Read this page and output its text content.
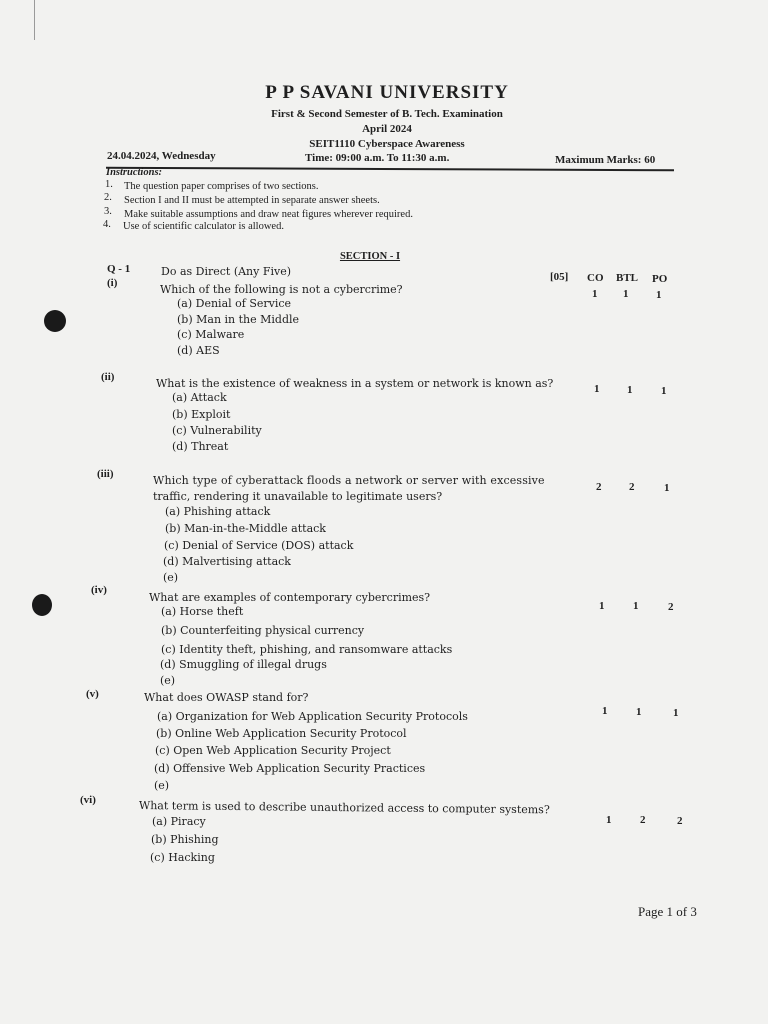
P P SAVANI UNIVERSITY
First & Second Semester of B. Tech. Examination
April 2024
SEIT1110 Cyberspace Awareness
24.04.2024, Wednesday	Time: 09:00 a.m. To 11:30 a.m.	Maximum Marks: 60
Instructions:
1. The question paper comprises of two sections.
2. Section I and II must be attempted in separate answer sheets.
3. Make suitable assumptions and draw neat figures wherever required.
4. Use of scientific calculator is allowed.
SECTION - I
Q - 1	Do as Direct (Any Five)	[05] CO BTL PO
(i)	Which of the following is not a cybercrime?
(a) Denial of Service
(b) Man in the Middle
(c) Malware
(d) AES
1 1	1
(ii)	What is the existence of weakness in a system or network is known as?
(a) Attack
(b) Exploit
(c) Vulnerability
(d) Threat
1	1	1
(iii)	Which type of cyberattack floods a network or server with excessive
traffic, rendering it unavailable to legitimate users?
(a) Phishing attack
(b) Man-in-the-Middle attack
(c) Denial of Service (DOS) attack
(d) Malvertising attack
(e)
2	2	1
(iv)
What are examples of contemporary cybercrimes?
(a) Horse theft
(b) Counterfeiting physical currency
(c) Identity theft, phishing, and ransomware attacks
(d) Smuggling of illegal drugs
(e)
1	1	2
(v)	What does OWASP stand for?
(a) Organization for Web Application Security Protocols
(b) Online Web Application Security Protocol
(c) Open Web Application Security Project
(d) Offensive Web Application Security Practices
(e)
1	1	1
(vi)	What term is used to describe unauthorized access to computer systems?
(a) Piracy
(b) Phishing
(c) Hacking
1	2	2
Page 1 of 3
